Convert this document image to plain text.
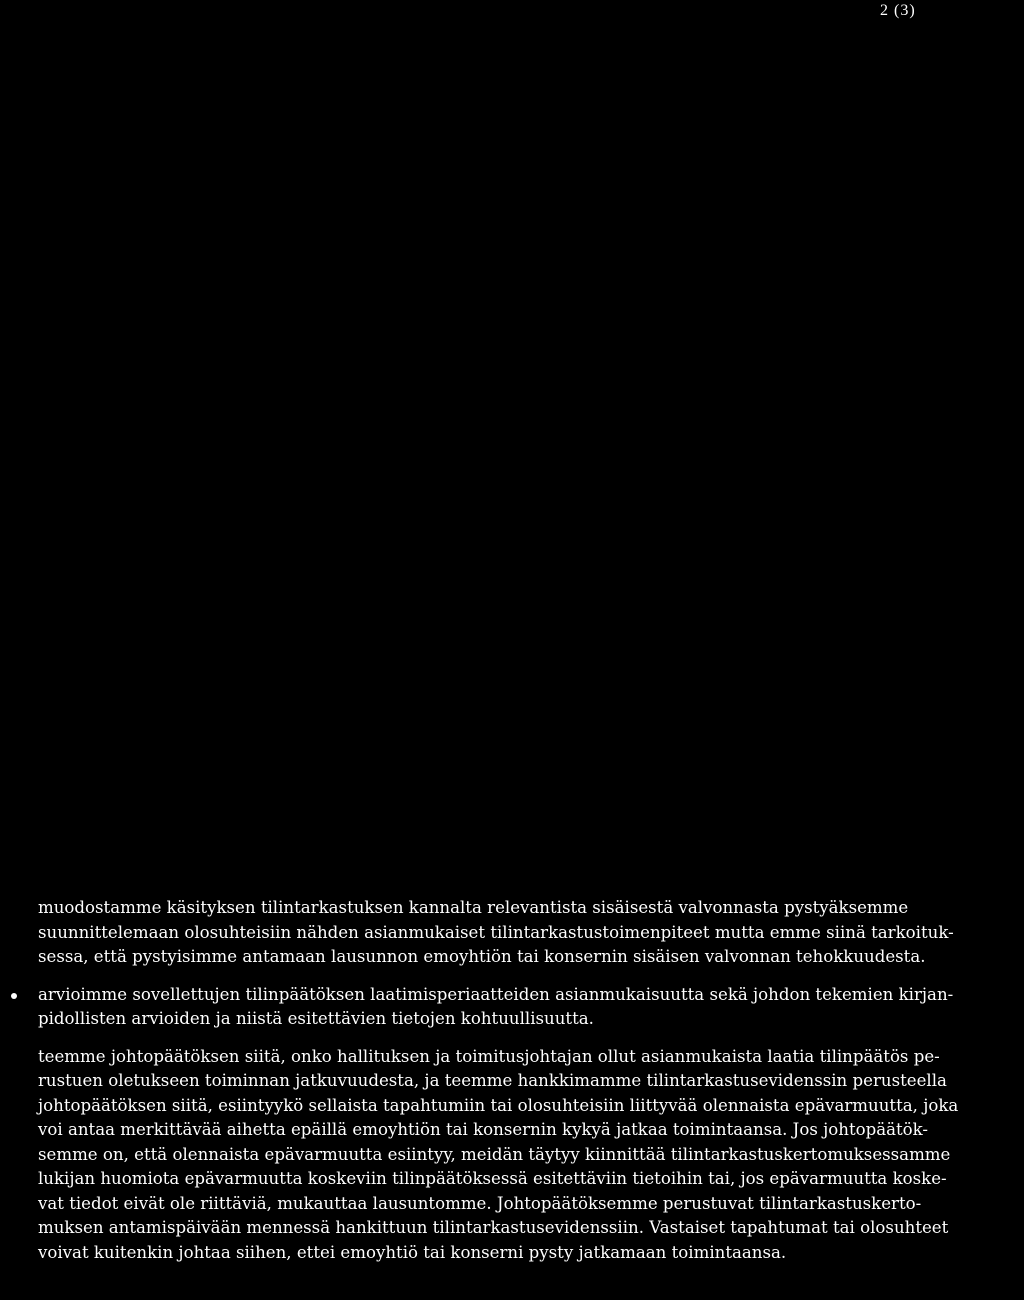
2 (3)
muodostamme käsityksen tilintarkastuksen kannalta relevantista sisäisestä valvonnasta pystyäksemme
suunnittelemaan olosuhteisiin nähden asianmukaiset tilintarkastustoimenpiteet mutta emme siinä tarkoituk-
sessa, että pystyisimme antamaan lausunnon emoyhtiön tai konsernin sisäisen valvonnan tehokkuudesta.
arvioimme sovellettujen tilinpäätöksen laatimisperiaatteiden asianmukaisuutta sekä johdon tekemien kirjan-
pidollisten arvioiden ja niistä esitettävien tietojen kohtuullisuutta.
teemme johtopäätöksen siitä, onko hallituksen ja toimitusjohtajan ollut asianmukaista laatia tilinpäätös pe-
rustuen oletukseen toiminnan jatkuvuudesta, ja teemme hankkimamme tilintarkastusevidenssin perusteella
johtopäätöksen siitä, esiintyykö sellaista tapahtumiin tai olosuhteisiin liittyvää olennaista epävarmuutta, joka
voi antaa merkittävää aihetta epäillä emoyhtiön tai konsernin kykyä jatkaa toimintaansa. Jos johtopäätök-
semme on, että olennaista epävarmuutta esiintyy, meidän täytyy kiinnittää tilintarkastuskertomuksessamme
lukijan huomiota epävarmuutta koskeviin tilinpäätöksessä esitettäviin tietoihin tai, jos epävarmuutta koske-
vat tiedot eivät ole riittäviä, mukauttaa lausuntomme. Johtopäätöksemme perustuvat tilintarkastuskerto-
muksen antamispäivään mennessä hankittuun tilintarkastusevidenssiin. Vastaiset tapahtumat tai olosuhteet
voivat kuitenkin johtaa siihen, ettei emoyhtiö tai konserni pysty jatkamaan toimintaansa.
